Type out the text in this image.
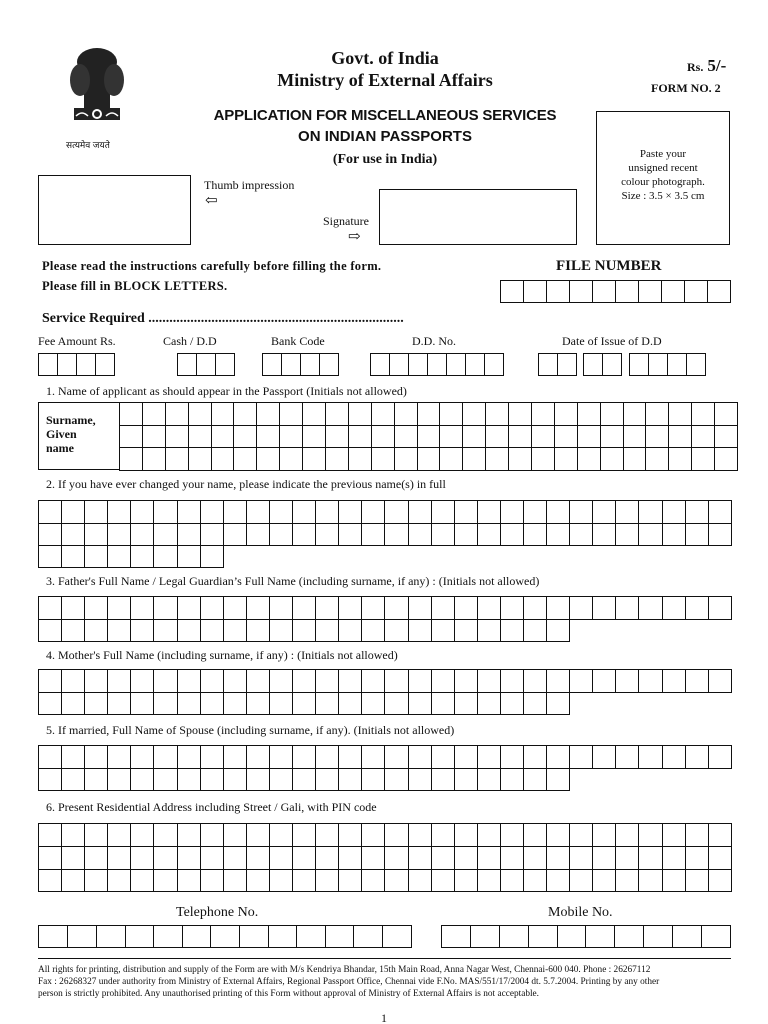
सत्यमेव जयते
Govt. of India
Ministry of External Affairs
Rs. 5/-
FORM NO. 2
APPLICATION FOR MISCELLANEOUS SERVICES
ON INDIAN PASSPORTS
(For use in India)	Paste your
unsigned recent
colour photograph.
Size : 3.5 × 3.5 cm
Thumb impression
⇦
Signature
⇨
Please read the instructions carefully before filling the form.
Please fill in BLOCK LETTERS.
FILE NUMBER
Service Required .........................................................................
Fee Amount Rs.	Cash / D.D	Bank Code	D.D. No.	Date of Issue of D.D
1. Name of applicant as should appear in the Passport (Initials not allowed)
Surname,
Given
name
2. If you have ever changed your name, please indicate the previous name(s) in full
3. Father's Full Name / Legal Guardian’s Full Name (including surname, if any) : (Initials not allowed)
4. Mother's Full Name (including surname, if any) : (Initials not allowed)
5. If married, Full Name of Spouse (including surname, if any). (Initials not allowed)
6. Present Residential Address including Street / Gali, with PIN code
Telephone No.	Mobile No.
All rights for printing, distribution and supply of the Form are with M/s Kendriya Bhandar, 15th Main Road, Anna Nagar West, Chennai-600 040. Phone : 26267112
Fax : 26268327 under authority from Ministry of External Affairs, Regional Passport Office, Chennai vide F.No. MAS/551/17/2004 dt. 5.7.2004. Printing by any other
person is strictly prohibited. Any unauthorised printing of this Form without approval of Ministry of External Affairs is not acceptable.
1
